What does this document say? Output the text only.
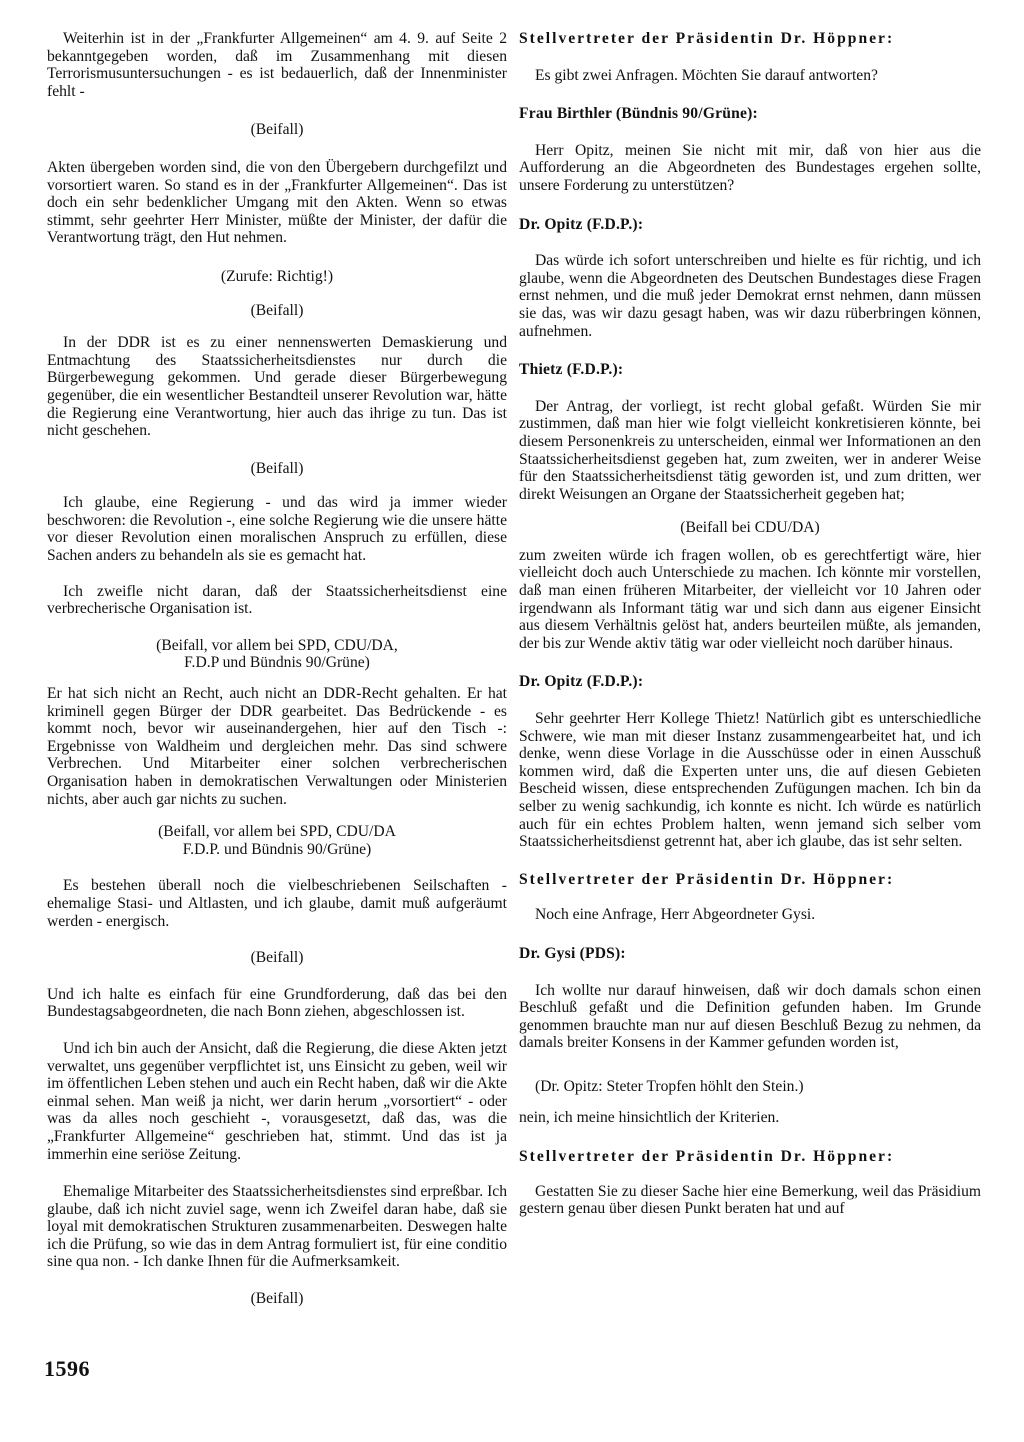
Weiterhin ist in der „Frankfurter Allgemeinen“ am 4. 9. auf Seite 2 bekanntgegeben worden, daß im Zusammenhang mit diesen Terrorismusuntersuchungen - es ist bedauerlich, daß der Innenminister fehlt -

(Beifall)

Akten übergeben worden sind, die von den Übergebern durchgefilzt und vorsortiert waren. So stand es in der „Frankfurter Allgemeinen“. Das ist doch ein sehr bedenklicher Umgang mit den Akten. Wenn so etwas stimmt, sehr geehrter Herr Minister, müßte der Minister, der dafür die Verantwortung trägt, den Hut nehmen.

(Zurufe: Richtig!)

(Beifall)

In der DDR ist es zu einer nennenswerten Demaskierung und Entmachtung des Staatssicherheitsdienstes nur durch die Bürgerbewegung gekommen. Und gerade dieser Bürgerbewegung gegenüber, die ein wesentlicher Bestandteil unserer Revolution war, hätte die Regierung eine Verantwortung, hier auch das ihrige zu tun. Das ist nicht geschehen.

(Beifall)

Ich glaube, eine Regierung - und das wird ja immer wieder beschworen: die Revolution -, eine solche Regierung wie die unsere hätte vor dieser Revolution einen moralischen Anspruch zu erfüllen, diese Sachen anders zu behandeln als sie es gemacht hat.

Ich zweifle nicht daran, daß der Staatssicherheitsdienst eine verbrecherische Organisation ist.

(Beifall, vor allem bei SPD, CDU/DA,

F.D.P und Bündnis 90/Grüne)

Er hat sich nicht an Recht, auch nicht an DDR-Recht gehalten. Er hat kriminell gegen Bürger der DDR gearbeitet. Das Bedrückende - es kommt noch, bevor wir auseinandergehen, hier auf den Tisch -: Ergebnisse von Waldheim und dergleichen mehr. Das sind schwere Verbrechen. Und Mitarbeiter einer solchen verbrecherischen Organisation haben in demokratischen Verwaltungen oder Ministerien nichts, aber auch gar nichts zu suchen.

(Beifall, vor allem bei SPD, CDU/DA

F.D.P. und Bündnis 90/Grüne)

Es bestehen überall noch die vielbeschriebenen Seilschaften - ehemalige Stasi- und Altlasten, und ich glaube, damit muß aufgeräumt werden - energisch.

(Beifall)

Und ich halte es einfach für eine Grundforderung, daß das bei den Bundestagsabgeordneten, die nach Bonn ziehen, abgeschlossen ist.

Und ich bin auch der Ansicht, daß die Regierung, die diese Akten jetzt verwaltet, uns gegenüber verpflichtet ist, uns Einsicht zu geben, weil wir im öffentlichen Leben stehen und auch ein Recht haben, daß wir die Akte einmal sehen. Man weiß ja nicht, wer darin herum „vorsortiert“ - oder was da alles noch geschieht -, vorausgesetzt, daß das, was die „Frankfurter Allgemeine“ geschrieben hat, stimmt. Und das ist ja immerhin eine seriöse Zeitung.

Ehemalige Mitarbeiter des Staatssicherheitsdienstes sind erpreßbar. Ich glaube, daß ich nicht zuviel sage, wenn ich Zweifel daran habe, daß sie loyal mit demokratischen Strukturen zusammenarbeiten. Deswegen halte ich die Prüfung, so wie das in dem Antrag formuliert ist, für eine conditio sine qua non. - Ich danke Ihnen für die Aufmerksamkeit.

(Beifall)

Stellvertreter der Präsidentin Dr. Höppner:

Es gibt zwei Anfragen. Möchten Sie darauf antworten?

Frau Birthler (Bündnis 90/Grüne):

Herr Opitz, meinen Sie nicht mit mir, daß von hier aus die Aufforderung an die Abgeordneten des Bundestages ergehen sollte, unsere Forderung zu unterstützen?

Dr. Opitz (F.D.P.):

Das würde ich sofort unterschreiben und hielte es für richtig, und ich glaube, wenn die Abgeordneten des Deutschen Bundestages diese Fragen ernst nehmen, und die muß jeder Demokrat ernst nehmen, dann müssen sie das, was wir dazu gesagt haben, was wir dazu rüberbringen können, aufnehmen.

Thietz (F.D.P.):

Der Antrag, der vorliegt, ist recht global gefaßt. Würden Sie mir zustimmen, daß man hier wie folgt vielleicht konkretisieren könnte, bei diesem Personenkreis zu unterscheiden, einmal wer Informationen an den Staatssicherheitsdienst gegeben hat, zum zweiten, wer in anderer Weise für den Staatssicherheitsdienst tätig geworden ist, und zum dritten, wer direkt Weisungen an Organe der Staatssicherheit gegeben hat;

(Beifall bei CDU/DA)

zum zweiten würde ich fragen wollen, ob es gerechtfertigt wäre, hier vielleicht doch auch Unterschiede zu machen. Ich könnte mir vorstellen, daß man einen früheren Mitarbeiter, der vielleicht vor 10 Jahren oder irgendwann als Informant tätig war und sich dann aus eigener Einsicht aus diesem Verhältnis gelöst hat, anders beurteilen müßte, als jemanden, der bis zur Wende aktiv tätig war oder vielleicht noch darüber hinaus.

Dr. Opitz (F.D.P.):

Sehr geehrter Herr Kollege Thietz! Natürlich gibt es unterschiedliche Schwere, wie man mit dieser Instanz zusammengearbeitet hat, und ich denke, wenn diese Vorlage in die Ausschüsse oder in einen Ausschuß kommen wird, daß die Experten unter uns, die auf diesen Gebieten Bescheid wissen, diese entsprechenden Zufügungen machen. Ich bin da selber zu wenig sachkundig, ich konnte es nicht. Ich würde es natürlich auch für ein echtes Problem halten, wenn jemand sich selber vom Staatssicherheitsdienst getrennt hat, aber ich glaube, das ist sehr selten.

Stellvertreter der Präsidentin Dr. Höppner:

Noch eine Anfrage, Herr Abgeordneter Gysi.

Dr. Gysi (PDS):

Ich wollte nur darauf hinweisen, daß wir doch damals schon einen Beschluß gefaßt und die Definition gefunden haben. Im Grunde genommen brauchte man nur auf diesen Beschluß Bezug zu nehmen, da damals breiter Konsens in der Kammer gefunden worden ist,

(Dr. Opitz: Steter Tropfen höhlt den Stein.)

nein, ich meine hinsichtlich der Kriterien.

Stellvertreter der Präsidentin Dr. Höppner:

Gestatten Sie zu dieser Sache hier eine Bemerkung, weil das Präsidium gestern genau über diesen Punkt beraten hat und auf

1596
